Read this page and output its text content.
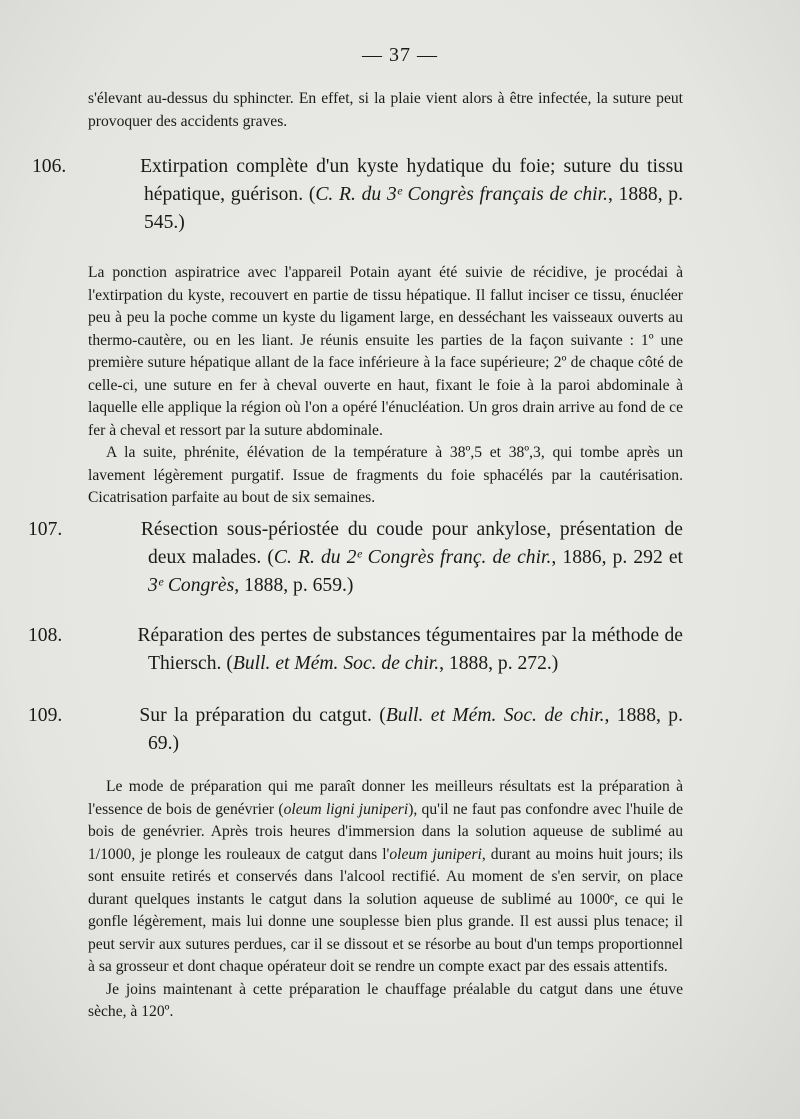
— 37 —

s'élevant au-dessus du sphincter. En effet, si la plaie vient alors à être infectée, la suture peut provoquer des accidents graves.

106.	Extirpation complète d'un kyste hydatique du foie; suture du tissu hépatique, guérison. (C. R. du 3ᵉ Congrès français de chir., 1888, p. 545.)

La ponction aspiratrice avec l'appareil Potain ayant été suivie de récidive, je procédai à l'extirpation du kyste, recouvert en partie de tissu hépatique. Il fallut inciser ce tissu, énucléer peu à peu la poche comme un kyste du ligament large, en desséchant les vaisseaux ouverts au thermo-cautère, ou en les liant. Je réunis ensuite les parties de la façon suivante : 1º une première suture hépatique allant de la face inférieure à la face supérieure; 2º de chaque côté de celle-ci, une suture en fer à cheval ouverte en haut, fixant le foie à la paroi abdominale à laquelle elle applique la région où l'on a opéré l'énucléation. Un gros drain arrive au fond de ce fer à cheval et ressort par la suture abdominale.

A la suite, phrénite, élévation de la température à 38º,5 et 38º,3, qui tombe après un lavement légèrement purgatif. Issue de fragments du foie sphacélés par la cautérisation. Cicatrisation parfaite au bout de six semaines.

107.	Résection sous-périostée du coude pour ankylose, présentation de deux malades. (C. R. du 2ᵉ Congrès franç. de chir., 1886, p. 292 et 3ᵉ Congrès, 1888, p. 659.)
108.	Réparation des pertes de substances tégumentaires par la méthode de Thiersch. (Bull. et Mém. Soc. de chir., 1888, p. 272.)
109.	Sur la préparation du catgut. (Bull. et Mém. Soc. de chir., 1888, p. 69.)

Le mode de préparation qui me paraît donner les meilleurs résultats est la préparation à l'essence de bois de genévrier (oleum ligni juniperi), qu'il ne faut pas confondre avec l'huile de bois de genévrier. Après trois heures d'immersion dans la solution aqueuse de sublimé au 1/1000, je plonge les rouleaux de catgut dans l'oleum juniperi, durant au moins huit jours; ils sont ensuite retirés et conservés dans l'alcool rectifié. Au moment de s'en servir, on place durant quelques instants le catgut dans la solution aqueuse de sublimé au 1000ᵉ, ce qui le gonfle légèrement, mais lui donne une souplesse bien plus grande. Il est aussi plus tenace; il peut servir aux sutures perdues, car il se dissout et se résorbe au bout d'un temps proportionnel à sa grosseur et dont chaque opérateur doit se rendre un compte exact par des essais attentifs.

Je joins maintenant à cette préparation le chauffage préalable du catgut dans une étuve sèche, à 120º.
